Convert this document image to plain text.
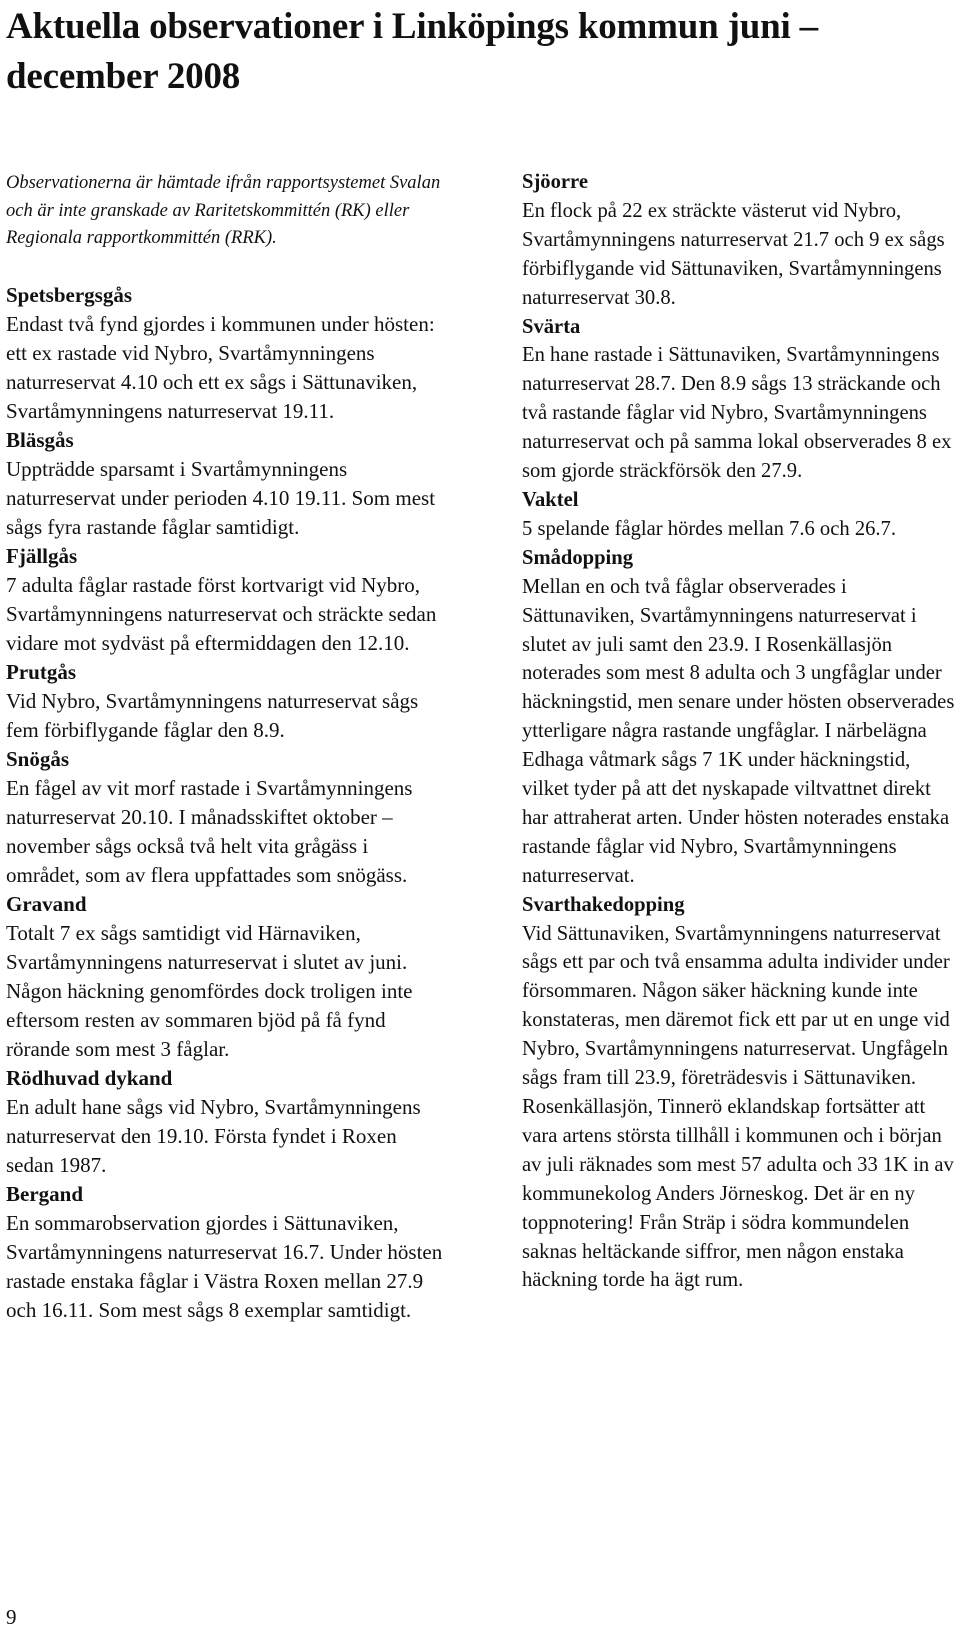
Aktuella observationer i Linköpings kommun juni – december 2008

Observationerna är hämtade ifrån rapportsystemet Svalan och är inte granskade av Raritetskommittén (RK) eller Regionala rapportkommittén (RRK).

Spetsbergsgås

Endast två fynd gjordes i kommunen under hösten: ett ex rastade vid Nybro, Svartåmynningens naturreservat 4.10 och ett ex sågs i Sättunaviken, Svartåmynningens naturreservat 19.11.

Bläsgås

Uppträdde sparsamt i Svartåmynningens naturreservat under perioden 4.10 19.11. Som mest sågs fyra rastande fåglar samtidigt.

Fjällgås

7 adulta fåglar rastade först kortvarigt vid Nybro, Svartåmynningens naturreservat och sträckte sedan vidare mot sydväst på eftermiddagen den 12.10.

Prutgås

Vid Nybro, Svartåmynningens naturreservat sågs fem förbiflygande fåglar den 8.9.

Snögås

En fågel av vit morf rastade i Svartåmynningens naturreservat 20.10. I månadsskiftet oktober – november sågs också två helt vita grågäss i området, som av flera uppfattades som snögäss.

Gravand

Totalt 7 ex sågs samtidigt vid Härnaviken, Svartåmynningens naturreservat i slutet av juni. Någon häckning genomfördes dock troligen inte eftersom resten av sommaren bjöd på få fynd rörande som mest 3 fåglar.

Rödhuvad dykand

En adult hane sågs vid Nybro, Svartåmynningens naturreservat den 19.10. Första fyndet i Roxen sedan 1987.

Bergand

En sommarobservation gjordes i Sättunaviken, Svartåmynningens naturreservat 16.7. Under hösten rastade enstaka fåglar i Västra Roxen mellan 27.9 och 16.11. Som mest sågs 8 exemplar samtidigt.

Sjöorre

En flock på 22 ex sträckte västerut vid Nybro, Svartåmynningens naturreservat 21.7 och 9 ex sågs förbiflygande vid Sättunaviken, Svartåmynningens naturreservat 30.8.

Svärta

En hane rastade i Sättunaviken, Svartåmynningens naturreservat 28.7. Den 8.9 sågs 13 sträckande och två rastande fåglar vid Nybro, Svartåmynningens naturreservat och på samma lokal observerades 8 ex som gjorde sträckförsök den 27.9.

Vaktel

5 spelande fåglar hördes mellan 7.6 och 26.7.

Smådopping

Mellan en och två fåglar observerades i Sättunaviken, Svartåmynningens naturreservat i slutet av juli samt den 23.9. I Rosenkällasjön noterades som mest 8 adulta och 3 ungfåglar under häckningstid, men senare under hösten observerades ytterligare några rastande ungfåglar. I närbelägna Edhaga våtmark sågs 7 1K under häckningstid, vilket tyder på att det nyskapade viltvattnet direkt har attraherat arten. Under hösten noterades enstaka rastande fåglar vid Nybro, Svartåmynningens naturreservat.

Svarthakedopping

Vid Sättunaviken, Svartåmynningens naturreservat sågs ett par och två ensamma adulta individer under försommaren. Någon säker häckning kunde inte konstateras, men däremot fick ett par ut en unge vid Nybro, Svartåmynningens naturreservat. Ungfågeln sågs fram till 23.9, företrädesvis i Sättunaviken. Rosenkällasjön, Tinnerö eklandskap fortsätter att vara artens största tillhåll i kommunen och i början av juli räknades som mest 57 adulta och 33 1K in av kommunekolog Anders Jörneskog. Det är en ny toppnotering! Från Sträp i södra kommundelen saknas heltäckande siffror, men någon enstaka häckning torde ha ägt rum.

9
